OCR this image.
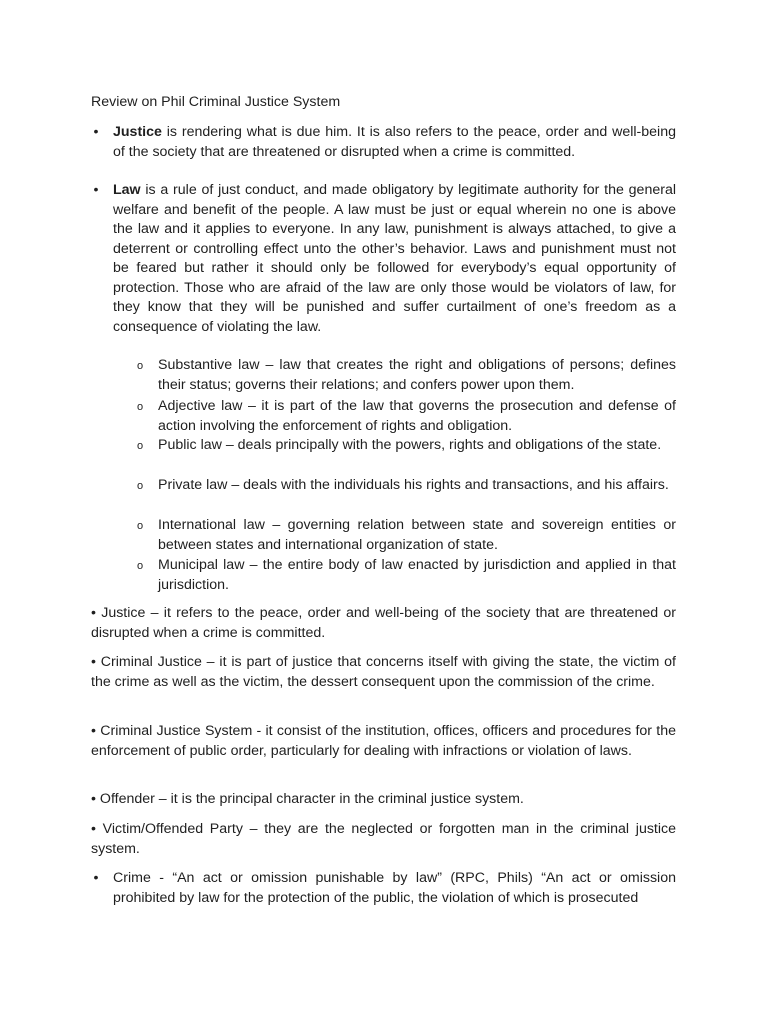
Review on Phil Criminal Justice System
• Justice is rendering what is due him. It is also refers to the peace, order and well-being of the society that are threatened or disrupted when a crime is committed.
• Law is a rule of just conduct, and made obligatory by legitimate authority for the general welfare and benefit of the people. A law must be just or equal wherein no one is above the law and it applies to everyone. In any law, punishment is always attached, to give a deterrent or controlling effect unto the other’s behavior. Laws and punishment must not be feared but rather it should only be followed for everybody’s equal opportunity of protection. Those who are afraid of the law are only those would be violators of law, for they know that they will be punished and suffer curtailment of one’s freedom as a consequence of violating the law.
o Substantive law – law that creates the right and obligations of persons; defines their status; governs their relations; and confers power upon them.
o Adjective law – it is part of the law that governs the prosecution and defense of action involving the enforcement of rights and obligation.
o Public law – deals principally with the powers, rights and obligations of the state.
o Private law – deals with the individuals his rights and transactions, and his affairs.
o International law – governing relation between state and sovereign entities or between states and international organization of state.
o Municipal law – the entire body of law enacted by jurisdiction and applied in that jurisdiction.
• Justice – it refers to the peace, order and well-being of the society that are threatened or disrupted when a crime is committed.
• Criminal Justice – it is part of justice that concerns itself with giving the state, the victim of the crime as well as the victim, the dessert consequent upon the commission of the crime.
• Criminal Justice System - it consist of the institution, offices, officers and procedures for the enforcement of public order, particularly for dealing with infractions or violation of laws.
• Offender – it is the principal character in the criminal justice system.
• Victim/Offended Party – they are the neglected or forgotten man in the criminal justice system.
• Crime - “An act or omission punishable by law” (RPC, Phils) “An act or omission prohibited by law for the protection of the public, the violation of which is prosecuted
